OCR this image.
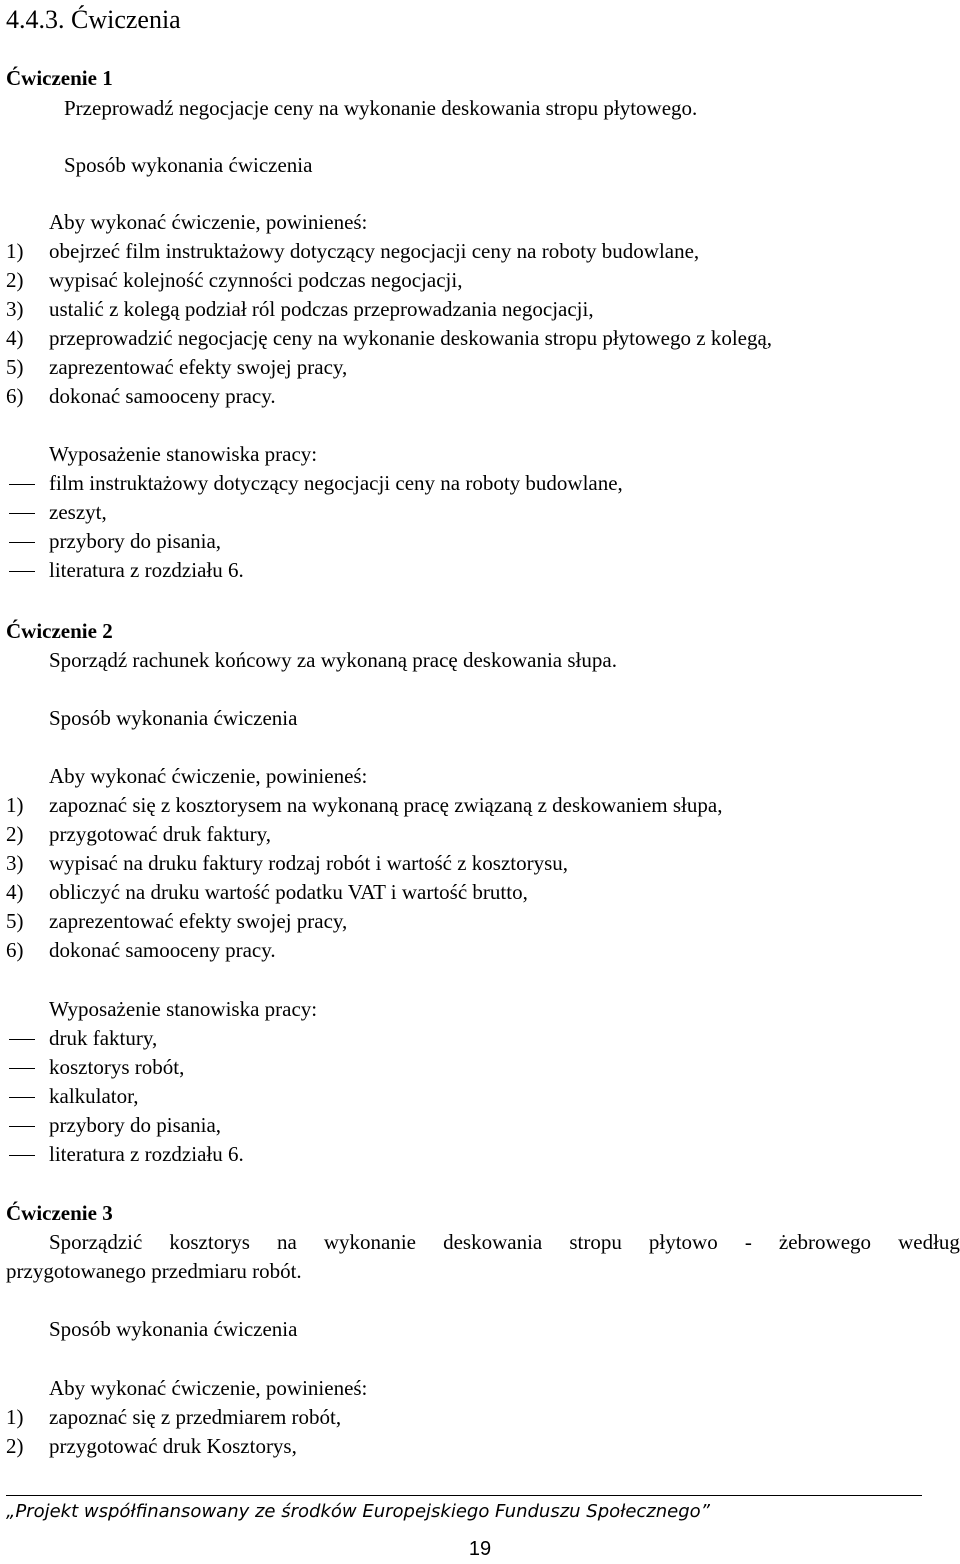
4.4.3. Ćwiczenia
Ćwiczenie 1
Przeprowadź negocjacje ceny na wykonanie deskowania stropu płytowego.
Sposób wykonania ćwiczenia
Aby wykonać ćwiczenie, powinieneś:
1) obejrzeć film instruktażowy dotyczący negocjacji ceny na roboty budowlane,
2) wypisać kolejność czynności podczas negocjacji,
3) ustalić z kolegą podział ról podczas przeprowadzania negocjacji,
4) przeprowadzić negocjację ceny na wykonanie deskowania stropu płytowego z kolegą,
5) zaprezentować efekty swojej pracy,
6) dokonać samooceny pracy.
Wyposażenie stanowiska pracy:
film instruktażowy dotyczący negocjacji ceny na roboty budowlane,
zeszyt,
przybory do pisania,
literatura z rozdziału 6.
Ćwiczenie 2
Sporządź rachunek końcowy za wykonaną pracę deskowania słupa.
Sposób wykonania ćwiczenia
Aby wykonać ćwiczenie, powinieneś:
1) zapoznać się z kosztorysem na wykonaną pracę związaną z deskowaniem słupa,
2) przygotować druk faktury,
3) wypisać na druku faktury rodzaj robót i wartość z kosztorysu,
4) obliczyć na druku wartość podatku VAT i wartość brutto,
5) zaprezentować efekty swojej pracy,
6) dokonać samooceny pracy.
Wyposażenie stanowiska pracy:
druk faktury,
kosztorys robót,
kalkulator,
przybory do pisania,
literatura z rozdziału 6.
Ćwiczenie 3
Sporządzić kosztorys na wykonanie deskowania stropu płytowo - żebrowego według
przygotowanego przedmiaru robót.
Sposób wykonania ćwiczenia
Aby wykonać ćwiczenie, powinieneś:
1) zapoznać się z przedmiarem robót,
2) przygotować druk Kosztorys,
„Projekt współfinansowany ze środków Europejskiego Funduszu Społecznego”
19
